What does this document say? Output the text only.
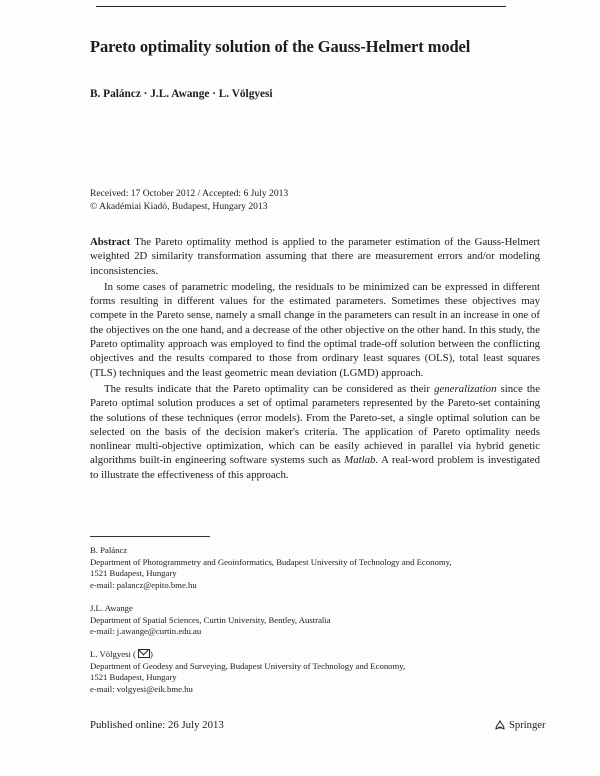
Pareto optimality solution of the Gauss-Helmert model
B. Paláncz · J.L. Awange · L. Völgyesi
Received: 17 October 2012 / Accepted: 6 July 2013
© Akadémiai Kiadó, Budapest, Hungary 2013

Abstract The Pareto optimality method is applied to the parameter estimation of the Gauss-Helmert weighted 2D similarity transformation assuming that there are measurement errors and/or modeling inconsistencies.

In some cases of parametric modeling, the residuals to be minimized can be expressed in different forms resulting in different values for the estimated parameters. Sometimes these objectives may compete in the Pareto sense, namely a small change in the parameters can result in an increase in one of the objectives on the one hand, and a decrease of the other objective on the other hand. In this study, the Pareto optimality approach was employed to find the optimal trade-off solution between the conflicting objectives and the results compared to those from ordinary least squares (OLS), total least squares (TLS) techniques and the least geometric mean deviation (LGMD) approach.

The results indicate that the Pareto optimality can be considered as their generalization since the Pareto optimal solution produces a set of optimal parameters represented by the Pareto-set containing the solutions of these techniques (error models). From the Pareto-set, a single optimal solution can be selected on the basis of the decision maker's criteria. The application of Pareto optimality needs nonlinear multi-objective optimization, which can be easily achieved in parallel via hybrid genetic algorithms built-in engineering software systems such as Matlab. A real-word problem is investigated to illustrate the effectiveness of this approach.

B. Paláncz
Department of Photogrammetry and Geoinformatics, Budapest University of Technology and Economy,
1521 Budapest, Hungary
e-mail: palancz@epito.bme.hu
J.L. Awange
Department of Spatial Sciences, Curtin University, Bentley, Australia
e-mail: j.awange@curtin.edu.au
L. Völgyesi ( )
Department of Geodesy and Surveying, Budapest University of Technology and Economy,
1521 Budapest, Hungary
e-mail: volgyesi@eik.bme.hu
Published online: 26 July 2013	Springer
